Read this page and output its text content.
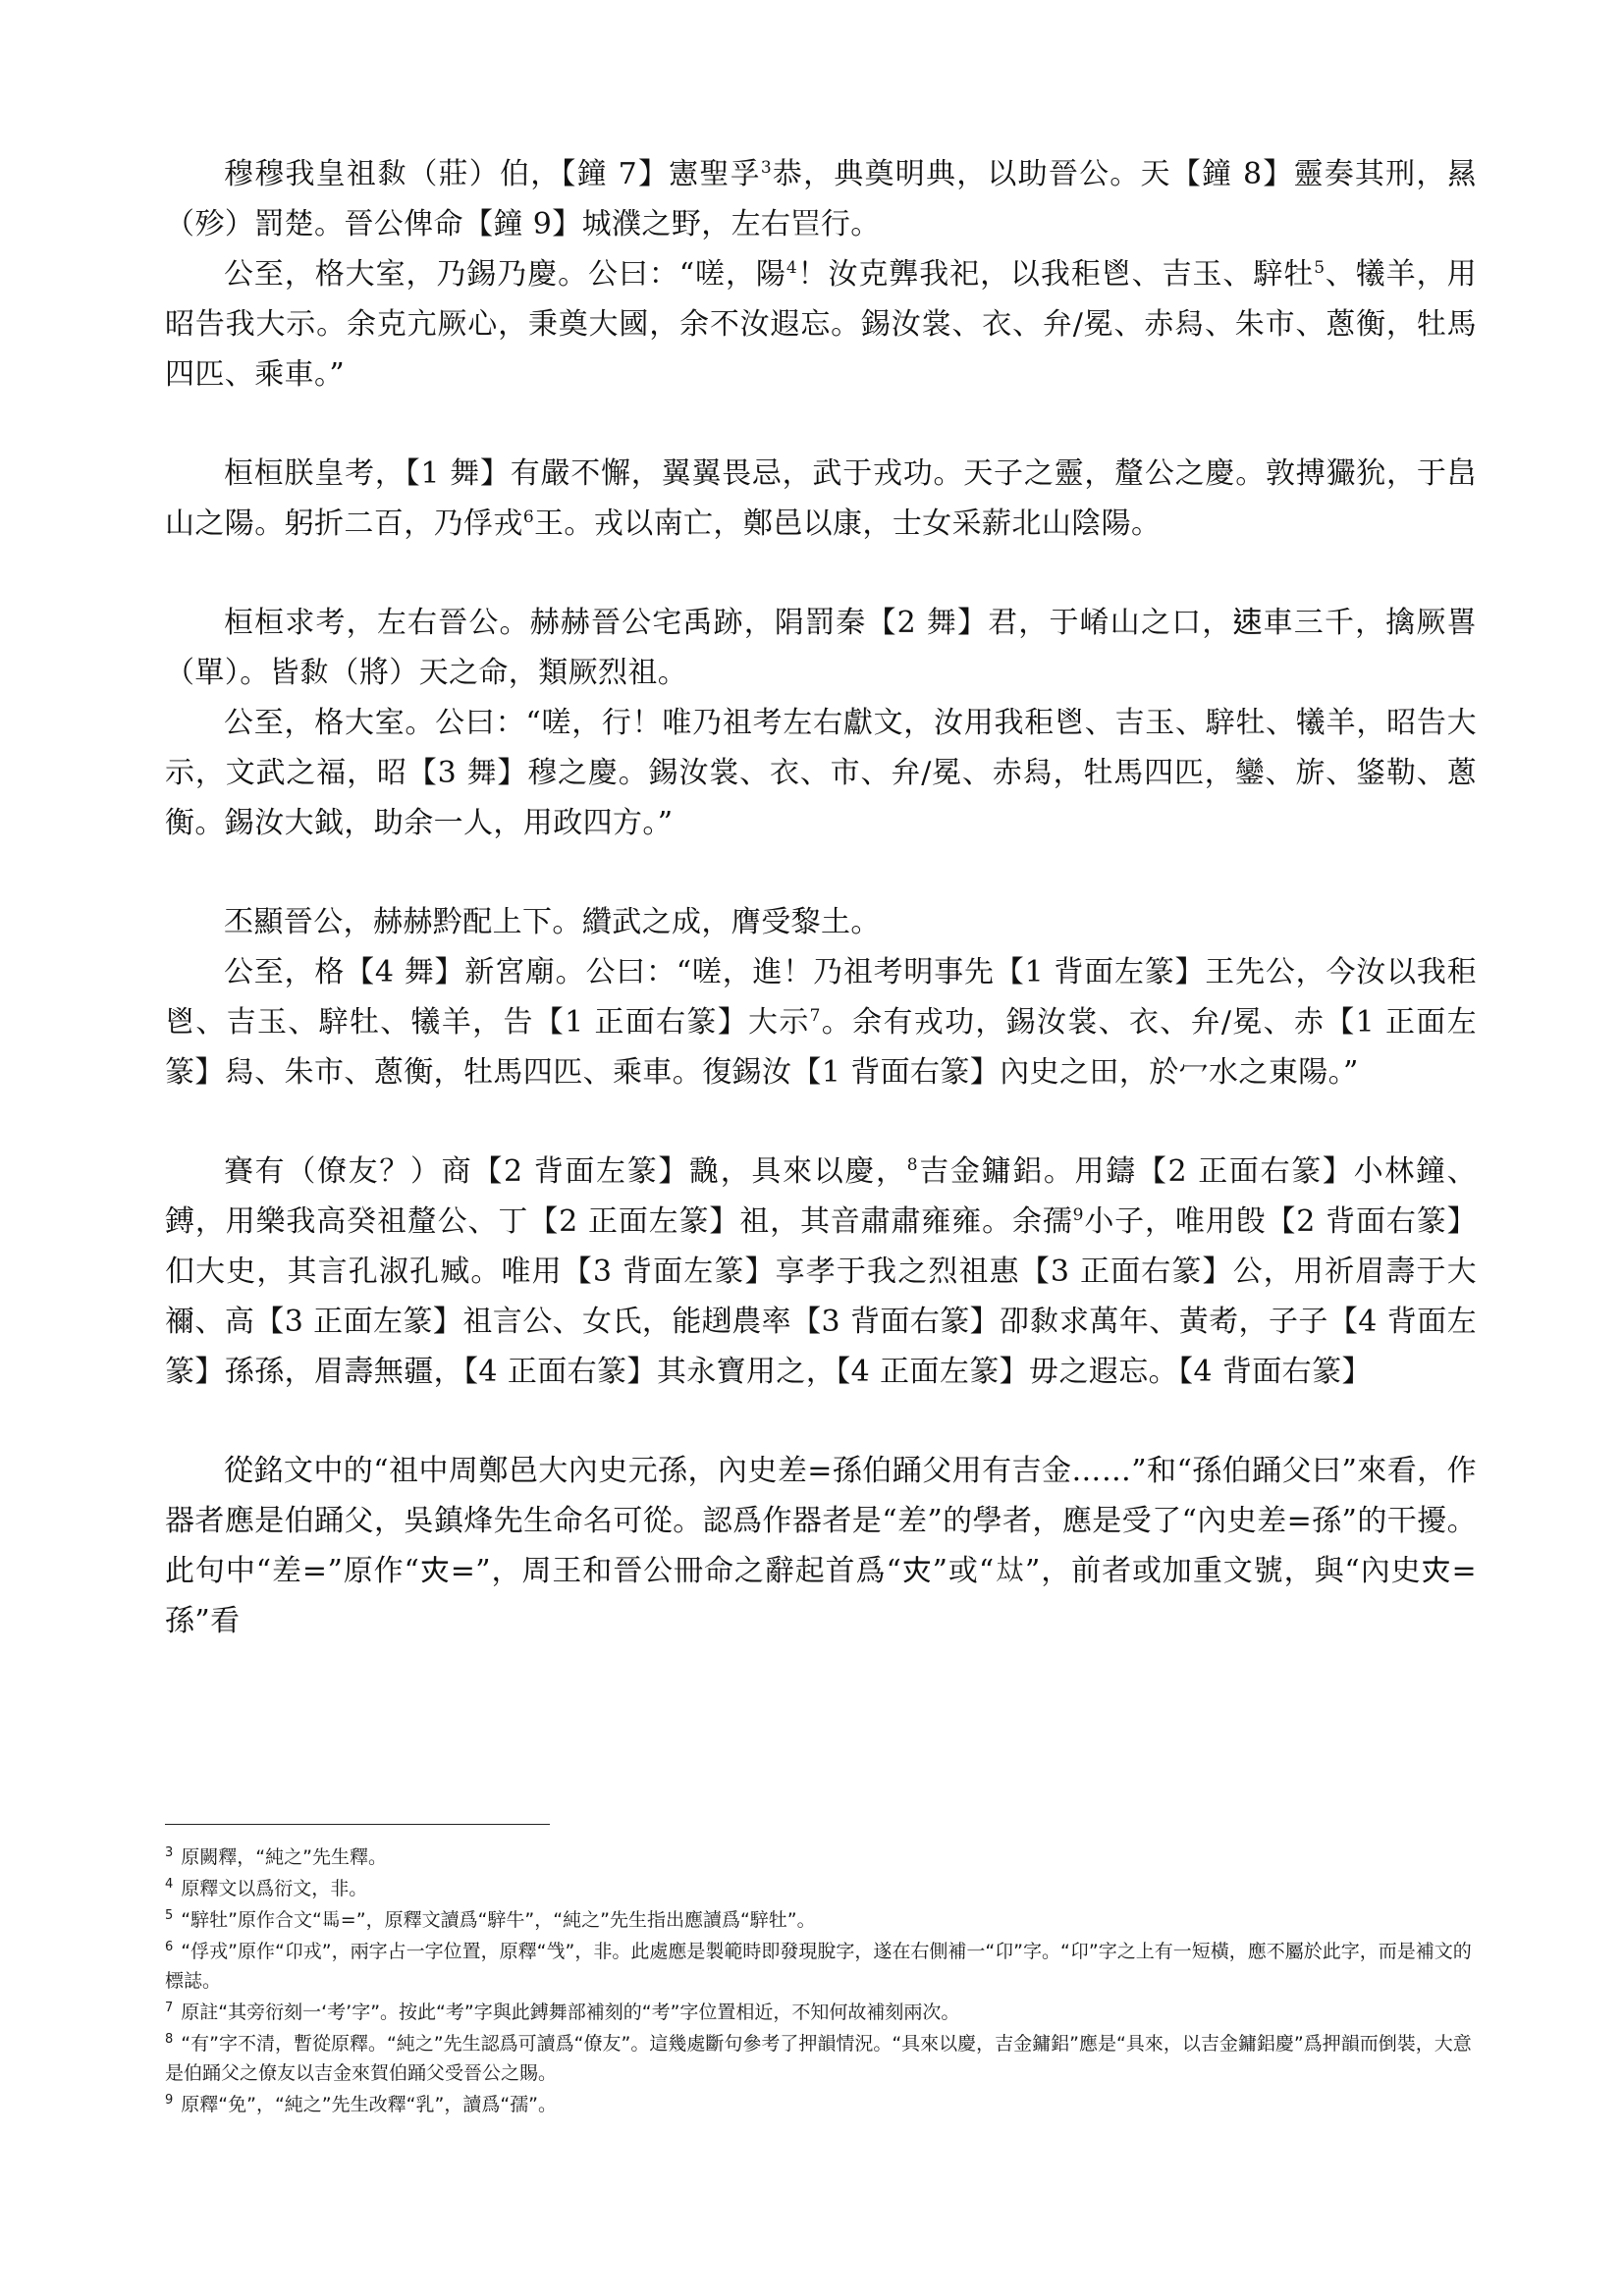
穆穆我皇祖𪏮（莊）伯，【鐘 7】憲聖孚$^3$恭，典奠明典，以助晉公。天【鐘 8】靈奏其刑，㬎（殄）罰楚。晉公俾命【鐘 9】城濮之野，左右𦊐行。

公至，格大室，乃錫乃慶。公曰：“嗟，陽$^4$！汝克龏我祀，以我秬鬯、吉玉、騂牡$^5$、犧羊，用昭告我大示。余克亢厥心，秉奠大國，余不汝遐忘。錫汝裳、衣、弁/冕、赤舄、朱市、蔥衡，牡馬四匹、乘車。”

桓桓朕皇考，【1 舞】有嚴不懈，翼翼畏忌，武于戎功。天子之靈，釐公之慶。敦搏玁狁，于峊山之陽。躬折二百，乃俘戎$^6$王。戎以南亡，鄭邑以康，士女采薪北山陰陽。

桓桓求考，左右晉公。赫赫晉公宅禹跡，䧎罰秦【2 舞】君，于崤山之口，𨒪車三千，擒厥嘼（單）。皆𪏮（將）天之命，類厥烈祖。

公至，格大室。公曰：“嗟，行！唯乃祖考左右獻文，汝用我秬鬯、吉玉、騂牡、犧羊，昭告大示，文武之福，昭【3 舞】穆之慶。錫汝裳、衣、市、弁/冕、赤舄，牡馬四匹，鑾、旂、鋚勒、蔥衡。錫汝大鉞，助余一人，用政四方。”

丕顯晉公，赫赫黔配上下。纘武之成，膺受黎土。

公至，格【4 舞】新宮廟。公曰：“嗟，進！乃祖考明事先【1 背面左篆】王先公，今汝以我秬鬯、吉玉、騂牡、犧羊，告【1 正面右篆】大示$^7$。余有戎功，錫汝裳、衣、弁/冕、赤【1 正面左篆】舄、朱市、蔥衡，牡馬四匹、乘車。復錫汝【1 背面右篆】內史之田，於冖水之東陽。”

賽有（僚友？）商【2 背面左篆】䨲，具來以慶，$^8$吉金鏞鋁。用鑄【2 正面右篆】小林鐘、鎛，用樂我高癸祖釐公、丁【2 正面左篆】祖，其音肅肅雍雍。余孺$^9$小子，唯用𣪘【2 背面右篆】㐰大史，其言孔淑孔臧。唯用【3 背面左篆】享孝于我之烈祖惠【3 正面右篆】公，用祈眉壽于大禰、高【3 正面左篆】祖言公、女氏，能𧼤農率【3 背面右篆】卲𪏮求萬年、黃耇，子子【4 背面左篆】孫孫，眉壽無疆，【4 正面右篆】其永寶用之，【4 正面左篆】毋之遐忘。【4 背面右篆】

從銘文中的“祖中周鄭邑大內史元孫，內史差=孫伯踊父用有吉金……”和“孫伯踊父曰”來看，作器者應是伯踊父，吳鎮烽先生命名可從。認爲作器者是“差”的學者，應是受了“內史差=孫”的干擾。此句中“差=”原作“𡗜=”，周王和晉公冊命之辭起首爲“𡗜”或“𡘋”，前者或加重文號，與“內史𡗜=孫”看

$^3$ 原闕釋，“純之”先生釋。

$^4$ 原釋文以爲衍文，非。

$^5$ “騂牡”原作合文“𩡧=”，原釋文讀爲“騂牛”，“純之”先生指出應讀爲“騂牡”。

$^6$ “俘戎”原作“卬戎”，兩字占一字位置，原釋“㦰”，非。此處應是製範時即發現脫字，遂在右側補一“卬”字。“卬”字之上有一短橫，應不屬於此字，而是補文的標誌。

$^7$ 原註“其旁衍刻一‘考’字”。按此“考”字與此鎛舞部補刻的“考”字位置相近，不知何故補刻兩次。

$^8$ “有”字不清，暫從原釋。“純之”先生認爲可讀爲“僚友”。這幾處斷句參考了押韻情況。“具來以慶，吉金鏞鋁”應是“具來，以吉金鏞鋁慶”爲押韻而倒裝，大意是伯踊父之僚友以吉金來賀伯踊父受晉公之賜。

$^9$ 原釋“免”，“純之”先生改釋“乳”，讀爲“孺”。
